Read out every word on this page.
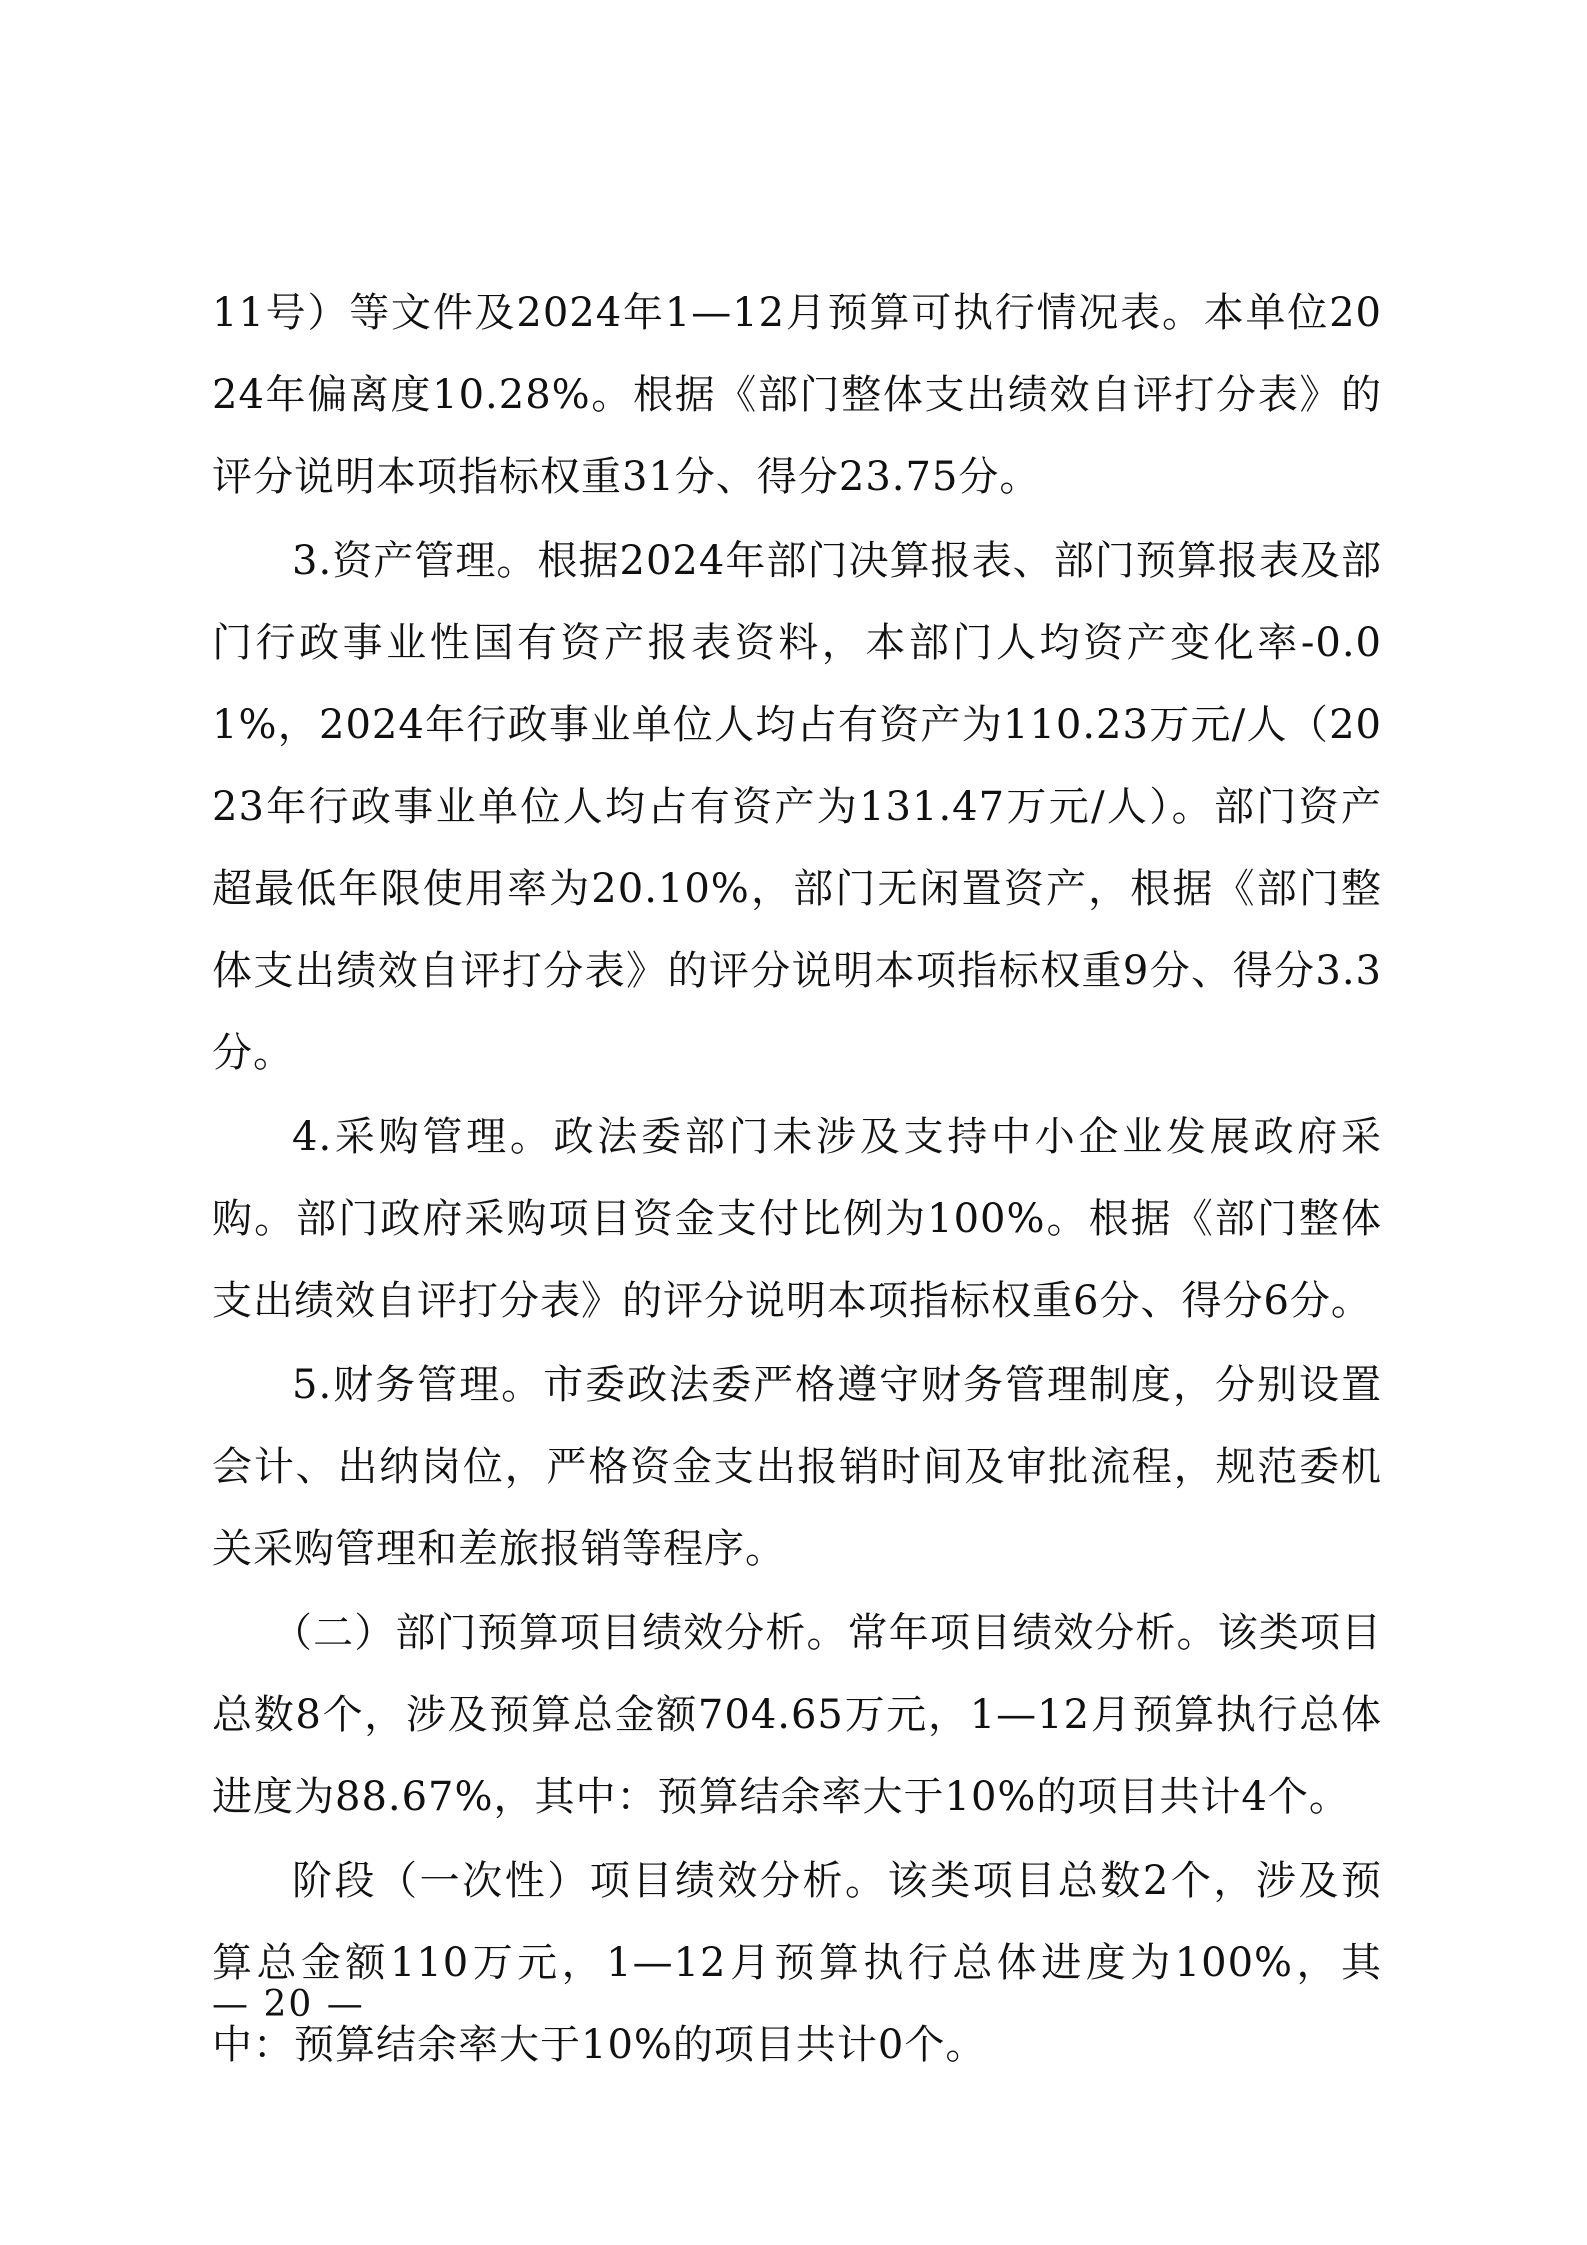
11号）等文件及2024年1—12月预算可执行情况表。本单位2024年偏离度10.28%。根据《部门整体支出绩效自评打分表》的评分说明本项指标权重31分、得分23.75分。

3.资产管理。根据2024年部门决算报表、部门预算报表及部门行政事业性国有资产报表资料，本部门人均资产变化率-0.01%，2024年行政事业单位人均占有资产为110.23万元/人（2023年行政事业单位人均占有资产为131.47万元/人）。部门资产超最低年限使用率为20.10%，部门无闲置资产，根据《部门整体支出绩效自评打分表》的评分说明本项指标权重9分、得分3.3分。

4.采购管理。政法委部门未涉及支持中小企业发展政府采购。部门政府采购项目资金支付比例为100%。根据《部门整体支出绩效自评打分表》的评分说明本项指标权重6分、得分6分。

5.财务管理。市委政法委严格遵守财务管理制度，分别设置会计、出纳岗位，严格资金支出报销时间及审批流程，规范委机关采购管理和差旅报销等程序。

（二）部门预算项目绩效分析。常年项目绩效分析。该类项目总数8个，涉及预算总金额704.65万元，1—12月预算执行总体进度为88.67%，其中：预算结余率大于10%的项目共计4个。

阶段（一次性）项目绩效分析。该类项目总数2个，涉及预算总金额110万元，1—12月预算执行总体进度为100%，其中：预算结余率大于10%的项目共计0个。

— 20 —
